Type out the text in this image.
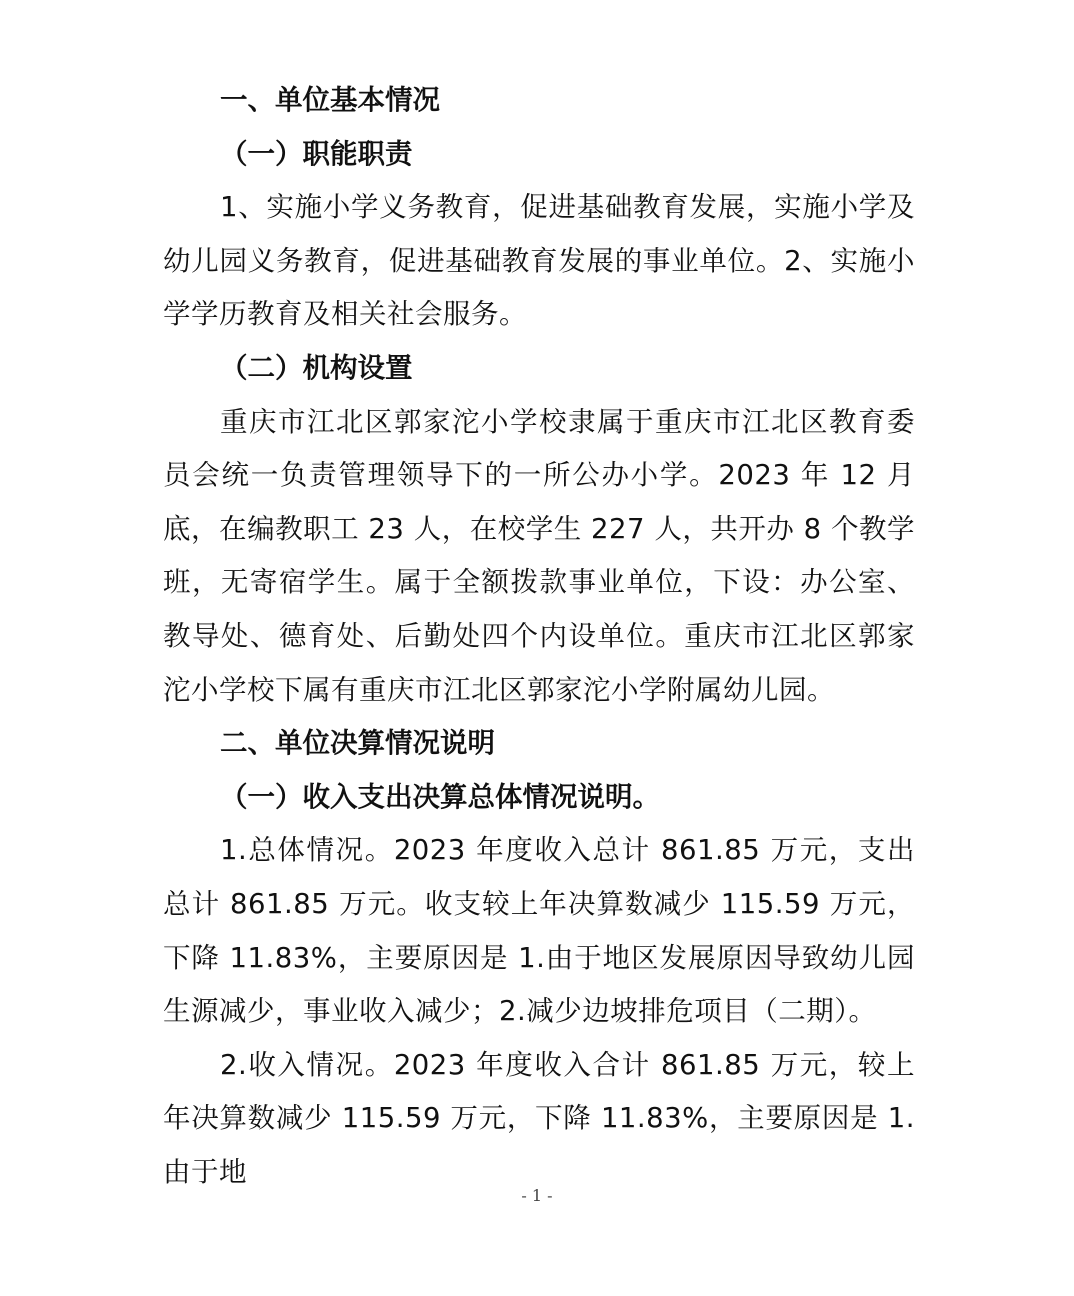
一、单位基本情况

（一）职能职责

1、实施小学义务教育，促进基础教育发展，实施小学及幼儿园义务教育，促进基础教育发展的事业单位。2、实施小学学历教育及相关社会服务。

（二）机构设置

重庆市江北区郭家沱小学校隶属于重庆市江北区教育委员会统一负责管理领导下的一所公办小学。2023 年 12 月底，在编教职工 23 人，在校学生 227 人，共开办 8 个教学班，无寄宿学生。属于全额拨款事业单位，下设：办公室、教导处、德育处、后勤处四个内设单位。重庆市江北区郭家沱小学校下属有重庆市江北区郭家沱小学附属幼儿园。

二、单位决算情况说明

（一）收入支出决算总体情况说明。

1.总体情况。2023 年度收入总计 861.85 万元，支出总计 861.85 万元。收支较上年决算数减少 115.59 万元，下降 11.83%，主要原因是 1.由于地区发展原因导致幼儿园生源减少，事业收入减少；2.减少边坡排危项目（二期）。

2.收入情况。2023 年度收入合计 861.85 万元，较上年决算数减少 115.59 万元，下降 11.83%，主要原因是 1.由于地

- 1 -
